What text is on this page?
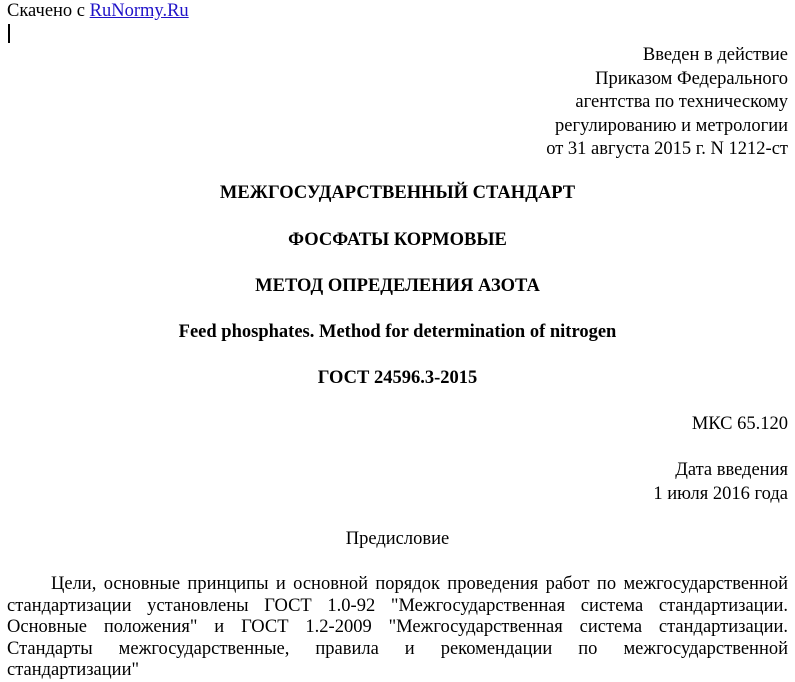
Скачено с RuNormy.Ru
Введен в действие
Приказом Федерального
агентства по техническому
регулированию и метрологии
от 31 августа 2015 г. N 1212-ст
МЕЖГОСУДАРСТВЕННЫЙ СТАНДАРТ
ФОСФАТЫ КОРМОВЫЕ
МЕТОД ОПРЕДЕЛЕНИЯ АЗОТА
Feed phosphates. Method for determination of nitrogen
ГОСТ 24596.3-2015
МКС 65.120
Дата введения
1 июля 2016 года
Предисловие
Цели, основные принципы и основной порядок проведения работ по межгосударственной стандартизации установлены ГОСТ 1.0-92 "Межгосударственная система стандартизации. Основные положения" и ГОСТ 1.2-2009 "Межгосударственная система стандартизации. Стандарты межгосударственные, правила и рекомендации по межгосударственной стандартизации"
